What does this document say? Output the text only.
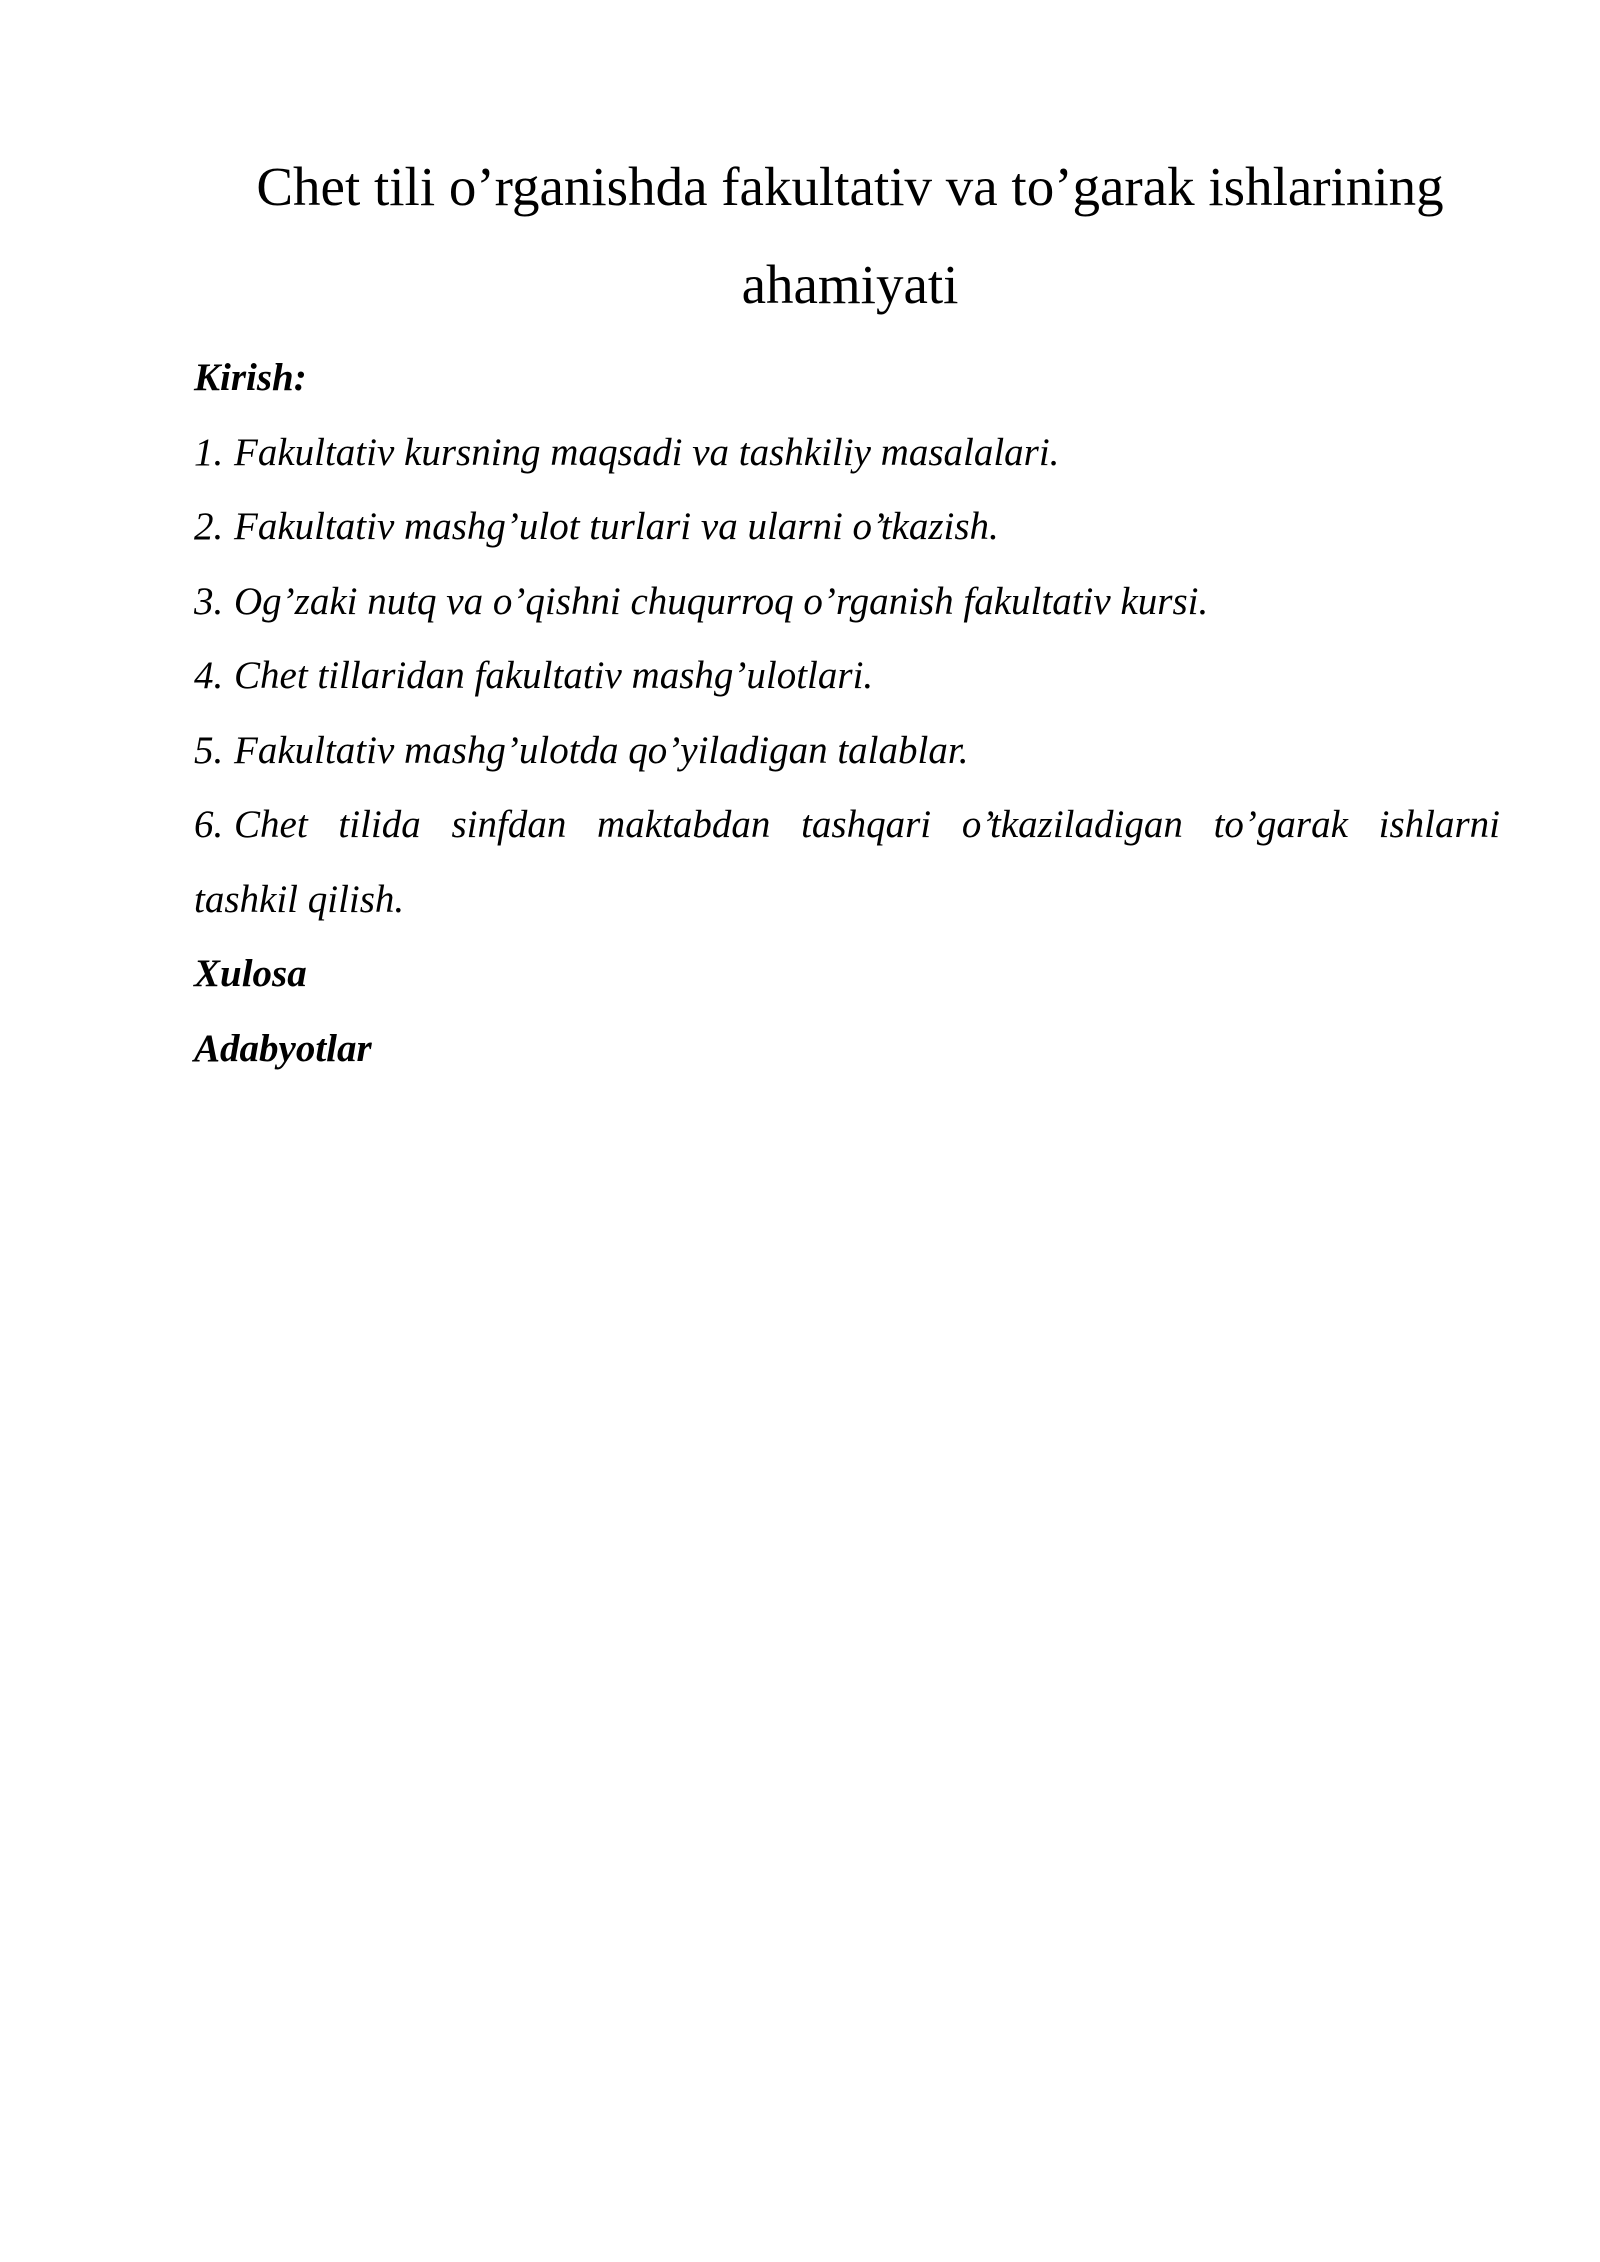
Chet tili o’rganishda fakultativ va to’garak ishlarining
ahamiyati

Kirish:

1. Fakultativ kursning maqsadi va tashkiliy masalalari.

2. Fakultativ mashg’ulot turlari va ularni o’tkazish.

3. Og’zaki nutq va o’qishni chuqurroq o’rganish fakultativ kursi.

4. Chet tillaridan fakultativ mashg’ulotlari.

5. Fakultativ mashg’ulotda qo’yiladigan talablar.

6. Chet tilida sinfdan maktabdan tashqari o’tkaziladigan to’garak ishlarni

tashkil qilish.

Xulosa

Adabyotlar
